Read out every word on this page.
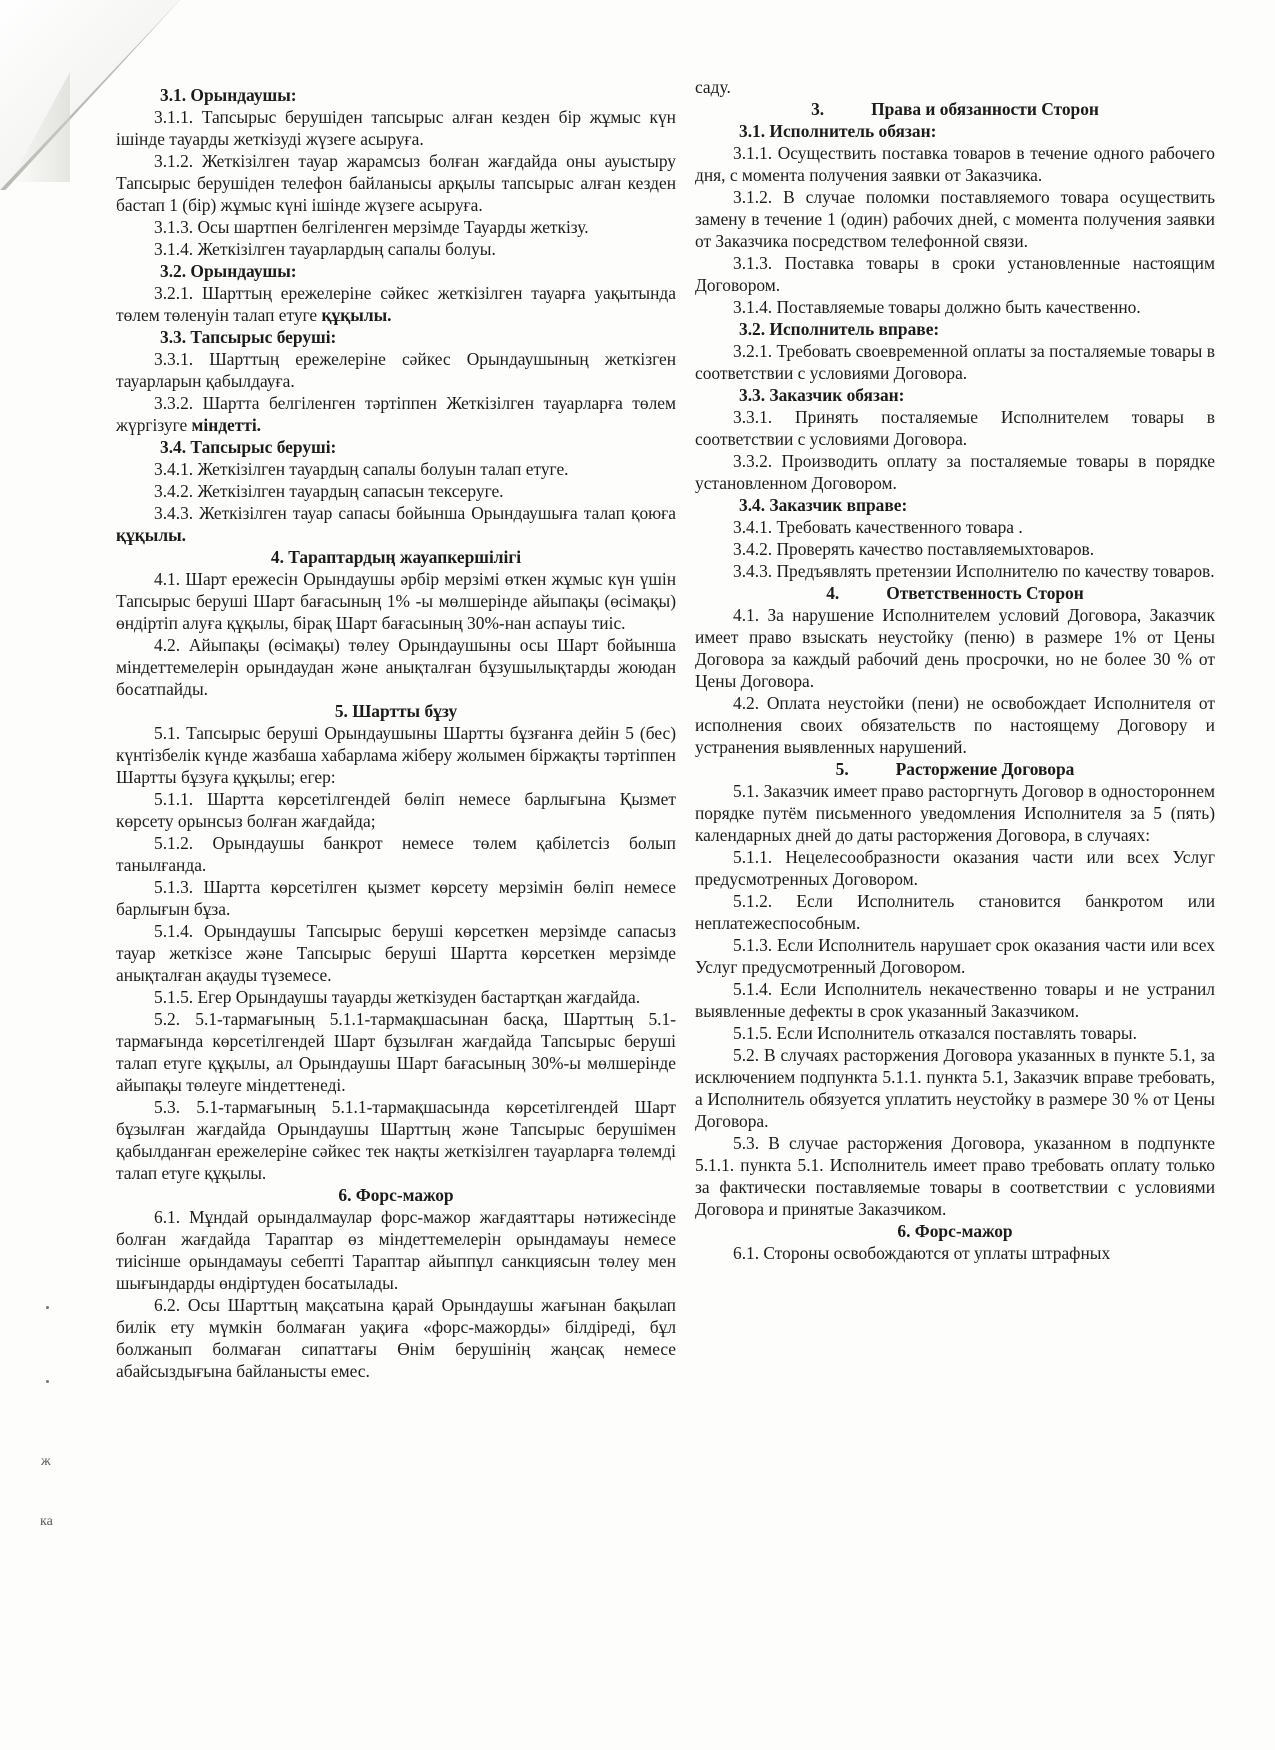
ж
ка
3.1. Орындаушы:

3.1.1. Тапсырыс берушіден тапсырыс алған кезден бір жұмыс күн ішінде тауарды жеткізуді жүзеге асыруға.

3.1.2. Жеткізілген тауар жарамсыз болған жағдайда оны ауыстыру Тапсырыс берушіден телефон байланысы арқылы тапсырыс алған кезден бастап 1 (бір) жұмыс күні ішінде жүзеге асыруға.

3.1.3. Осы шартпен белгіленген мерзімде Тауарды жеткізу.

3.1.4. Жеткізілген тауарлардың сапалы болуы.

3.2. Орындаушы:

3.2.1. Шарттың ережелеріне сәйкес жеткізілген тауарға уақытында төлем төленуін талап етуге құқылы.

3.3. Тапсырыс беруші:

3.3.1. Шарттың ережелеріне сәйкес Орындаушының жеткізген тауарларын қабылдауға.

3.3.2. Шартта белгіленген тәртіппен Жеткізілген тауарларға төлем жүргізуге міндетті.

3.4. Тапсырыс беруші:

3.4.1. Жеткізілген тауардың сапалы болуын талап етуге.

3.4.2. Жеткізілген тауардың сапасын тексеруге.

3.4.3. Жеткізілген тауар сапасы бойынша Орындаушыға талап қоюға құқылы.

4. Тараптардың жауапкершілігі

4.1. Шарт ережесін Орындаушы әрбір мерзімі өткен жұмыс күн үшін Тапсырыс беруші Шарт бағасының 1% -ы мөлшерінде айыпақы (өсімақы) өндіртіп алуға құқылы, бірақ Шарт бағасының 30%-нан аспауы тиіс.

4.2. Айыпақы (өсімақы) төлеу Орындаушыны осы Шарт бойынша міндеттемелерін орындаудан және анықталған бұзушылықтарды жоюдан босатпайды.

5. Шартты бұзу

5.1. Тапсырыс беруші Орындаушыны Шартты бұзғанға дейін 5 (бес) күнтізбелік күнде жазбаша хабарлама жіберу жолымен біржақты тәртіппен Шартты бұзуға құқылы; егер:

5.1.1. Шартта көрсетілгендей бөліп немесе барлығына Қызмет көрсету орынсыз болған жағдайда;

5.1.2. Орындаушы банкрот немесе төлем қабілетсіз болып танылғанда.

5.1.3. Шартта көрсетілген қызмет көрсету мерзімін бөліп немесе барлығын бұза.

5.1.4. Орындаушы Тапсырыс беруші көрсеткен мерзімде сапасыз тауар жеткізсе және Тапсырыс беруші Шартта көрсеткен мерзімде анықталған ақауды түземесе.

5.1.5. Егер Орындаушы тауарды жеткізуден бастартқан жағдайда.

5.2. 5.1-тармағының 5.1.1-тармақшасынан басқа, Шарттың 5.1-тармағында көрсетілгендей Шарт бұзылған жағдайда Тапсырыс беруші талап етуге құқылы, ал Орындаушы Шарт бағасының 30%-ы мөлшерінде айыпақы төлеуге міндеттенеді.

5.3. 5.1-тармағының 5.1.1-тармақшасында көрсетілгендей Шарт бұзылған жағдайда Орындаушы Шарттың және Тапсырыс берушімен қабылданған ережелеріне сәйкес тек нақты жеткізілген тауарларға төлемді талап етуге құқылы.

6. Форс-мажор

6.1. Мұндай орындалмаулар форс-мажор жағдаяттары нәтижесінде болған жағдайда Тараптар өз міндеттемелерін орындамауы немесе тиісінше орындамауы себепті Тараптар айыппұл санкциясын төлеу мен шығындарды өндіртуден босатылады.

6.2. Осы Шарттың мақсатына қарай Орындаушы жағынан бақылап билік ету мүмкін болмаған уақиға «форс-мажорды» білдіреді, бұл болжанып болмаған сипаттағы Өнім берушінің жаңсақ немесе абайсыздығына байланысты емес.

саду.

3.	Права и обязанности Сторон
3.1. Исполнитель обязан:

3.1.1. Осуществить поставка товаров в течение одного рабочего дня, с момента получения заявки от Заказчика.

3.1.2. В случае поломки поставляемого товара осуществить замену в течение 1 (один) рабочих дней, с момента получения заявки от Заказчика посредством телефонной связи.

3.1.3. Поставка товары в сроки установленные настоящим Договором.

3.1.4. Поставляемые товары должно быть качественно.

3.2. Исполнитель вправе:

3.2.1. Требовать своевременной оплаты за посталяемые товары в соответствии с условиями Договора.

3.3. Заказчик обязан:

3.3.1. Принять посталяемые Исполнителем товары в соответствии с условиями Договора.

3.3.2. Производить оплату за посталяемые товары в порядке установленном Договором.

3.4. Заказчик вправе:

3.4.1. Требовать качественного товара .

3.4.2. Проверять качество поставляемыхтоваров.

3.4.3. Предъявлять претензии Исполнителю по качеству товаров.

4.	Ответственность Сторон

4.1. За нарушение Исполнителем условий Договора, Заказчик имеет право взыскать неустойку (пеню) в размере 1% от Цены Договора за каждый рабочий день просрочки, но не более 30 % от Цены Договора.

4.2. Оплата неустойки (пени) не освобождает Исполнителя от исполнения своих обязательств по настоящему Договору и устранения выявленных нарушений.

5.	Расторжение Договора

5.1. Заказчик имеет право расторгнуть Договор в одностороннем порядке путём письменного уведомления Исполнителя за 5 (пять) календарных дней до даты расторжения Договора, в случаях:

5.1.1. Нецелесообразности оказания части или всех Услуг предусмотренных Договором.

5.1.2. Если Исполнитель становится банкротом или неплатежеспособным.

5.1.3. Если Исполнитель нарушает срок оказания части или всех Услуг предусмотренный Договором.

5.1.4. Если Исполнитель некачественно товары и не устранил выявленные дефекты в срок указанный Заказчиком.

5.1.5. Если Исполнитель отказался поставлять товары.

5.2. В случаях расторжения Договора указанных в пункте 5.1, за исключением подпункта 5.1.1. пункта 5.1, Заказчик вправе требовать, а Исполнитель обязуется уплатить неустойку в размере 30 % от Цены Договора.

5.3. В случае расторжения Договора, указанном в подпункте 5.1.1. пункта 5.1. Исполнитель имеет право требовать оплату только за фактически поставляемые товары в соответствии с условиями Договора и принятые Заказчиком.

6. Форс-мажор

6.1. Стороны освобождаются от уплаты штрафных
